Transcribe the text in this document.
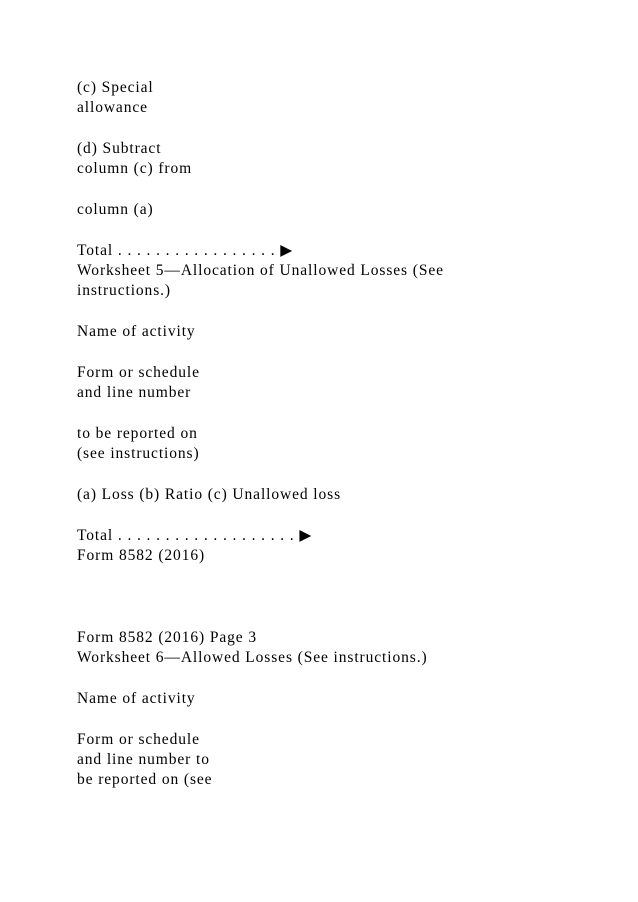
(c) Special
allowance
(d) Subtract
column (c) from
column (a)
Total . . . . . . . . . . . . . . . . . ▶
Worksheet 5—Allocation of Unallowed Losses (See
instructions.)
Name of activity
Form or schedule
and line number
to be reported on
(see instructions)
(a) Loss (b) Ratio (c) Unallowed loss
Total . . . . . . . . . . . . . . . . . . . ▶
Form 8582 (2016)
Form 8582 (2016) Page 3
Worksheet 6—Allowed Losses (See instructions.)
Name of activity
Form or schedule
and line number to
be reported on (see
